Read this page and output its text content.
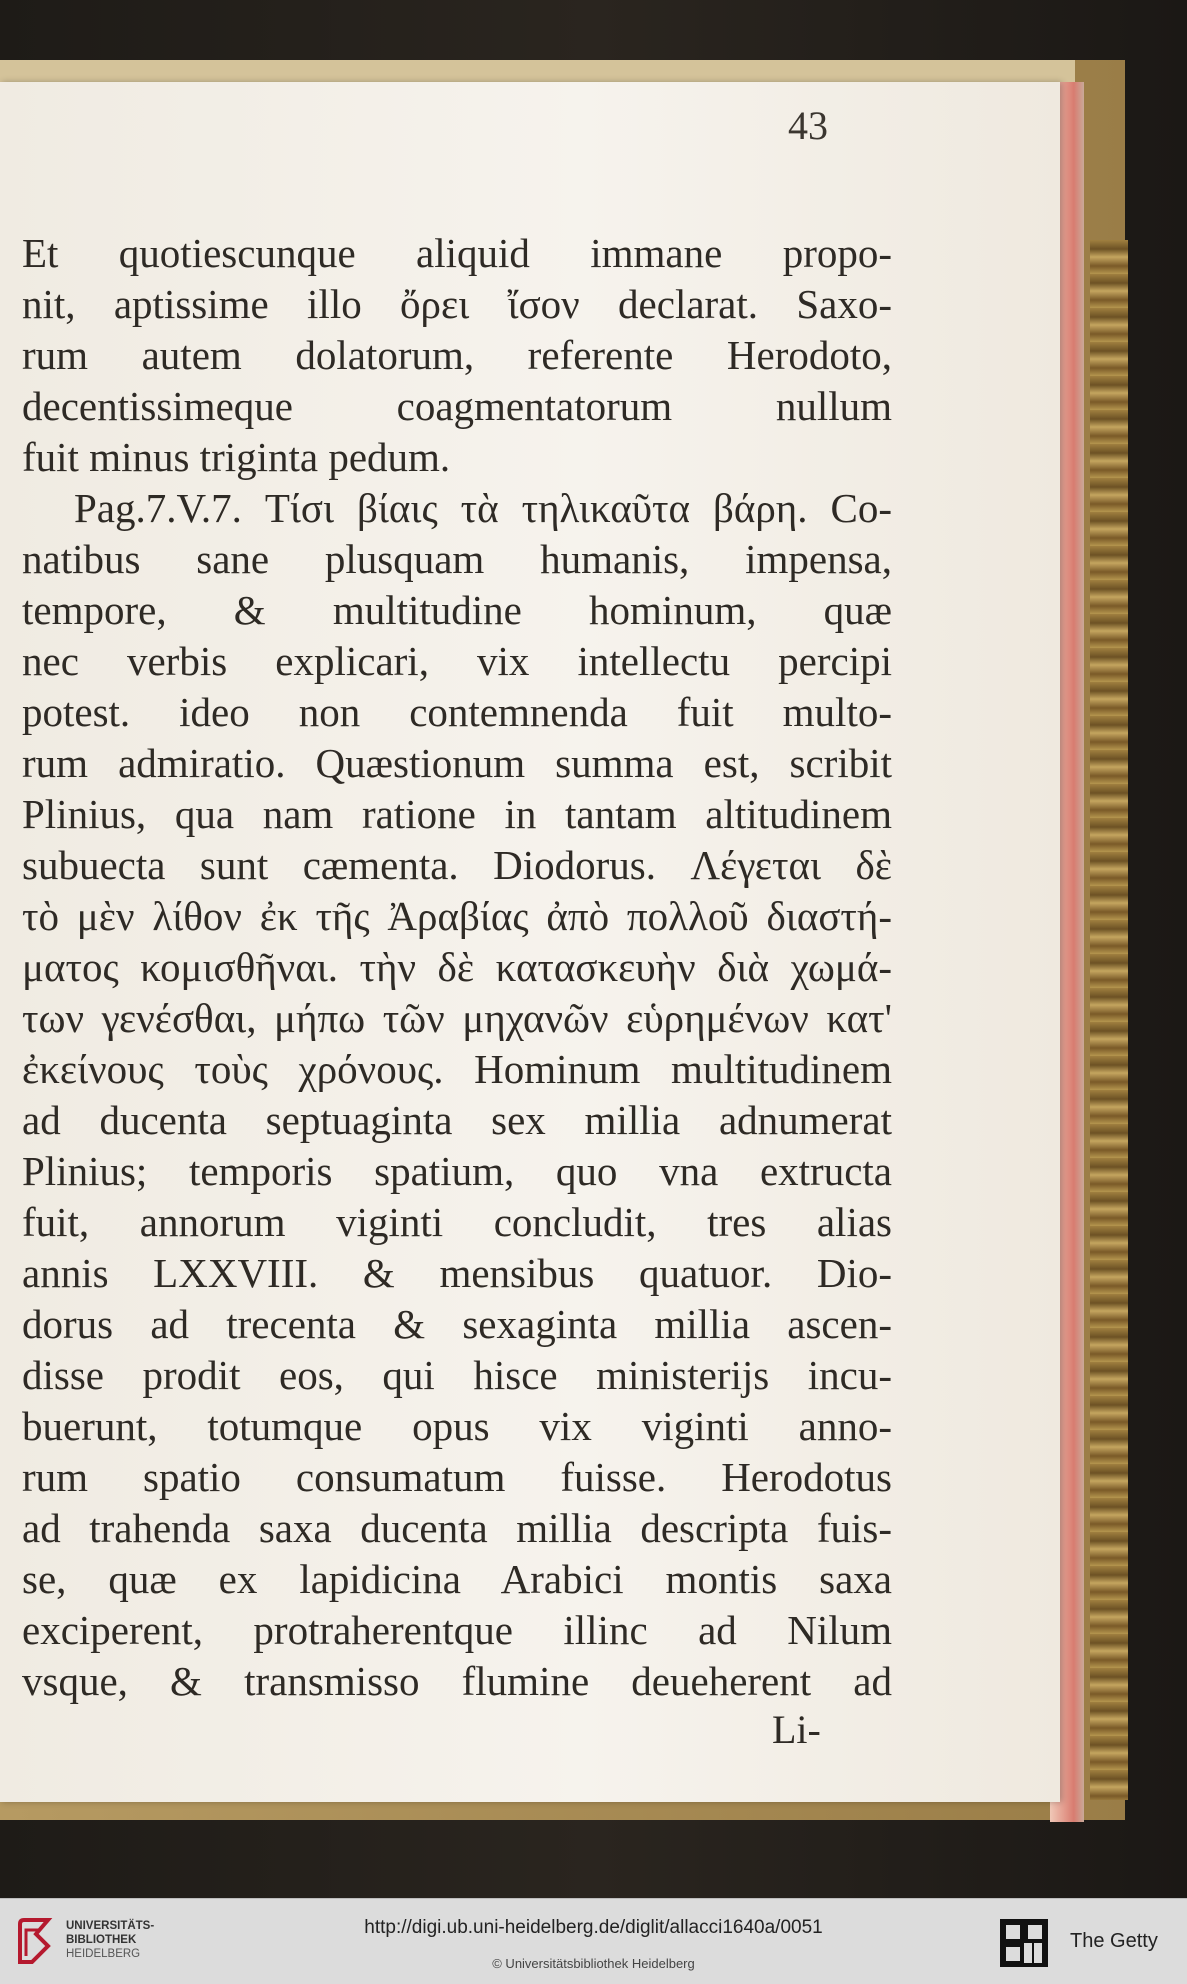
43

Et quotiescunque aliquid immane propo-
nit, aptissime illo ὄρει ἴσον declarat. Saxo-
rum autem dolatorum, referente Herodoto,
decentissimeque coagmentatorum nullum
fuit minus triginta pedum.
Pag.7.V.7. Τίσι βίαις τὰ τηλικαῦτα βάρη. Co-
natibus sane plusquam humanis, impensa,
tempore, & multitudine hominum, quæ
nec verbis explicari, vix intellectu percipi
potest. ideo non contemnenda fuit multo-
rum admiratio. Quæstionum summa est, scribit
Plinius, qua nam ratione in tantam altitudinem
subuecta sunt cæmenta. Diodorus. Λέγεται δὲ
τὸ μὲν λίθον ἐκ τῆς Ἀραβίας ἀπὸ πολλοῦ διαστή-
ματος κομισθῆναι. τὴν δὲ κατασκευὴν διὰ χωμά-
των γενέσθαι, μήπω τῶν μηχανῶν εὑρημένων κατ'
ἐκείνους τοὺς χρόνους. Hominum multitudinem
ad ducenta septuaginta sex millia adnumerat
Plinius; temporis spatium, quo vna extructa
fuit, annorum viginti concludit, tres alias
annis LXXVIII. & mensibus quatuor. Dio-
dorus ad trecenta & sexaginta millia ascen-
disse prodit eos, qui hisce ministerijs incu-
buerunt, totumque opus vix viginti anno-
rum spatio consumatum fuisse. Herodotus
ad trahenda saxa ducenta millia descripta fuis-
se, quæ ex lapidicina Arabici montis saxa
exciperent, protraherentque illinc ad Nilum
vsque, & transmisso flumine deueherent ad

Li-

UNIVERSITÄTS-
BIBLIOTHEK
HEIDELBERG

http://digi.ub.uni-heidelberg.de/diglit/allacci1640a/0051

© Universitätsbibliothek Heidelberg

The Getty
